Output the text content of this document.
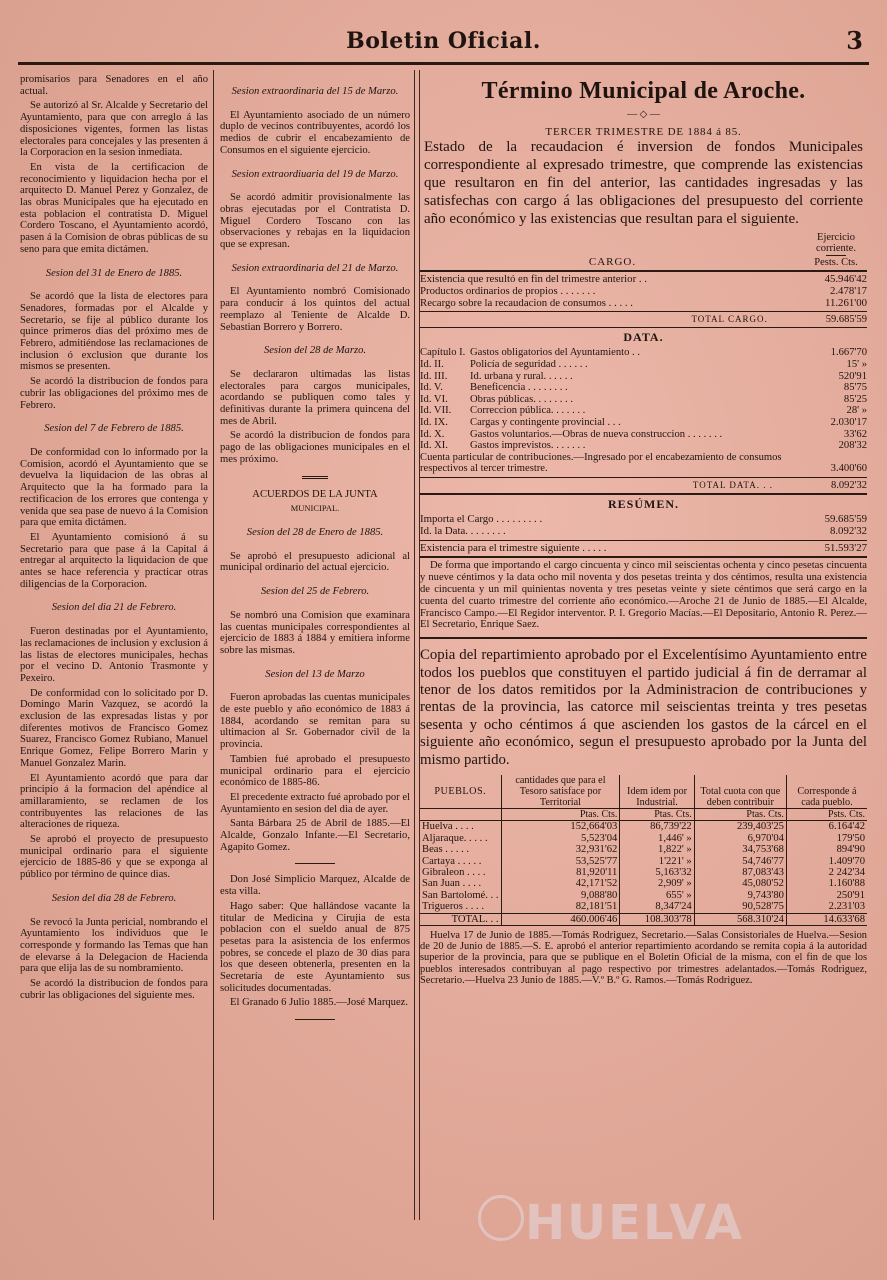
Boletin Oficial.	3

promisarios para Senadores en el año actual.

Se autorizó al Sr. Alcalde y Secretario del Ayuntamiento, para que con arreglo á las disposiciones vigentes, formen las listas electorales para concejales y las presenten á la Corporacion en la sesion inmediata.

En vista de la certificacion de reconocimiento y liquidacion hecha por el arquitecto D. Manuel Perez y Gonzalez, de las obras Municipales que ha ejecutado en esta poblacion el contratista D. Miguel Cordero Toscano, el Ayuntamiento acordó, pasen á la Comision de obras públicas de su seno para que emita dictámen.

Sesion del 31 de Enero de 1885.

Se acordó que la lista de electores para Senadores, formadas por el Alcalde y Secretario, se fije al público durante los quince primeros dias del próximo mes de Febrero, admitiéndose las reclamaciones de inclusion ó exclusion que durante los mismos se presenten.

Se acordó la distribucion de fondos para cubrir las obligaciones del próximo mes de Febrero.

Sesion del 7 de Febrero de 1885.

De conformidad con lo informado por la Comision, acordó el Ayuntamiento que se devuelva la liquidacion de las obras al Arquitecto que la ha formado para la rectificacion de los errores que contenga y venida que sea pase de nuevo á la Comision para que emita dictámen.

El Ayuntamiento comisionó á su Secretario para que pase á la Capital á entregar al arquitecto la liquidacion de que antes se hace referencia y practicar otras diligencias de la Corporacion.

Sesion del dia 21 de Febrero.

Fueron destinadas por el Ayuntamiento, las reclamaciones de inclusion y exclusion á las listas de electores municipales, hechas por el vecino D. Antonio Trasmonte y Pexeiro.

De conformidad con lo solicitado por D. Domingo Marin Vazquez, se acordó la exclusion de las expresadas listas y por diferentes motivos de Francisco Gomez Suarez, Francisco Gomez Rubiano, Manuel Enrique Gomez, Felipe Borrero Marin y Manuel Gonzalez Marin.

El Ayuntamiento acordó que para dar principio á la formacion del apéndice al amillaramiento, se reclamen de los contribuyentes las relaciones de las alteraciones de riqueza.

Se aprobó el proyecto de presupuesto municipal ordinario para el siguiente ejercicio de 1885-86 y que se exponga al público por término de quince dias.

Sesion del dia 28 de Febrero.

Se revocó la Junta pericial, nombrando el Ayuntamiento los individuos que le corresponde y formando las Temas que han de elevarse á la Delegacion de Hacienda para que elija las de su nombramiento.

Se acordó la distribucion de fondos para cubrir las obligaciones del siguiente mes.

Sesion extraordinaria del 15 de Marzo.

El Ayuntamiento asociado de un número duplo de vecinos contribuyentes, acordó los medios de cubrir el encabezamiento de Consumos en el siguiente ejercicio.

Sesion extraordiuaria del 19 de Marzo.

Se acordó admitir provisionalmente las obras ejecutadas por el Contratista D. Miguel Cordero Toscano con las observaciones y rebajas en la liquidacion que se expresan.

Sesion extraordinaria del 21 de Marzo.

El Ayuntamiento nombró Comisionado para conducir á los quintos del actual reemplazo al Teniente de Alcalde D. Sebastian Borrero y Borrero.

Sesion del 28 de Marzo.

Se declararon ultimadas las listas electorales para cargos municipales, acordando se publiquen como tales y definitivas durante la primera quincena del mes de Abril.

Se acordó la distribucion de fondos para pago de las obligaciones municipales en el mes próximo.

ACUERDOS DE LA JUNTA

MUNICIPAL.

Sesion del 28 de Enero de 1885.

Se aprobó el presupuesto adicional al municipal ordinario del actual ejercicio.

Sesion del 25 de Febrero.

Se nombró una Comision que examinara las cuentas municipales correspondientes al ejercicio de 1883 á 1884 y emitiera informe sobre las mismas.

Sesion del 13 de Marzo

Fueron aprobadas las cuentas municipales de este pueblo y año económico de 1883 á 1884, acordando se remitan para su ultimacion al Sr. Gobernador civil de la provincia.

Tambien fué aprobado el presupuesto municipal ordinario para el ejercicio económico de 1885-86.

El precedente extracto fué aprobado por el Ayuntamiento en sesion del dia de ayer.

Santa Bárbara 25 de Abril de 1885.—El Alcalde, Gonzalo Infante.—El Secretario, Agapito Gomez.

Don José Simplicio Marquez, Alcalde de esta villa.

Hago saber: Que hallándose vacante la titular de Medicina y Cirujia de esta poblacion con el sueldo anual de 875 pesetas para la asistencia de los enfermos pobres, se concede el plazo de 30 dias para los que deseen obtenerla, presenten en la Secretaría de este Ayuntamiento sus solicitudes documentadas.

El Granado 6 Julio 1885.—José Marquez.

Término Municipal de Aroche.
— ◇ —
TERCER TRIMESTRE DE 1884 á 85.
Estado de la recaudacion é inversion de fondos Municipales correspondiente al expresado trimestre, que comprende las existencias que resultaron en fin del anterior, las cantidades ingresadas y las satisfechas con cargo á las obligaciones del presupuesto del corriente año económico y las existencias que resultan para el siguiente.
CARGO.
Ejercicio corriente.
Pests. Cts.
Existencia que resultó en fin del trimestre anterior . .	45.946'42
Productos ordinarios de propios . . . . . . .	2.478'17
Recargo sobre la recaudacion de consumos . . . . .	11.261'00
TOTAL CARGO.	59.685'59
DATA.
Capítulo I. Gastos obligatorios del Ayuntamiento . .	1.667'70
Id. II.	Policía de seguridad . . . . . .	15' »
Id. III.	Id. urbana y rural. . . . . .	520'91
Id. V.	Beneficencia . . . . . . . .	85'75
Id. VI.	Obras públicas. . . . . . . .	85'25
Id. VII.	Correccion pública. . . . . . .	28' »
Id. IX.	Cargas y contingente provincial . . .	2.030'17
Id. X.	Gastos voluntarios.—Obras de nueva construccion . . . . . . .	33'62
Id. XI.	Gastos imprevistos. . . . . . .	208'32
Cuenta particular de contribuciones.—Ingresado por el encabezamiento de consumos respectivos al tercer trimestre.	3.400'60
TOTAL DATA. . .	8.092'32
RESÚMEN.
Importa el Cargo . . . . . . . . .	59.685'59
Id. la Data. . . . . . . .	8.092'32
Existencia para el trimestre siguiente . . . . .	51.593'27
De forma que importando el cargo cincuenta y cinco mil seiscientas ochenta y cinco pesetas cincuenta y nueve céntimos y la data ocho mil noventa y dos pesetas treinta y dos céntimos, resulta una existencia de cincuenta y un mil quinientas noventa y tres pesetas veinte y siete céntimos que será cargo en la cuenta del cuarto trimestre del corriente año económico.—Aroche 21 de Junio de 1885.—El Alcalde, Francisco Campo.—El Regidor interventor. P. I. Gregorio Macías.—El Depositario, Antonio R. Perez.—El Secretario, Enrique Saez.
Copia del repartimiento aprobado por el Excelentísimo Ayuntamiento entre todos los pueblos que constituyen el partido judicial á fin de derramar al tenor de los datos remitidos por la Administracion de contribuciones y rentas de la provincia, las catorce mil seiscientas treinta y tres pesetas sesenta y ocho céntimos á que ascienden los gastos de la cárcel en el siguiente año económico, segun el presupuesto aprobado por la Junta del mismo partido.
PUEBLOS.	cantidades que para el Tesoro satisface por Territorial	Idem idem por Industrial.	Total cuota con que deben contribuir	Corresponde á cada pueblo.
	Ptas. Cts.	Ptas. Cts.	Ptas. Cts.	Psts. Cts.
Huelva . . . .	152,664'03	86,739'22	239,403'25	6.164'42
Aljaraque. . . . .	5,523'04	1,446' »	6,970'04	179'50
Beas . . . . .	32,931'62	1,822' »	34,753'68	894'90
Cartaya . . . . .	53,525'77	1'221' »	54,746'77	1.409'70
Gibraleon . . . .	81,920'11	5,163'32	87,083'43	2 242'34
San Juan . . . .	42,171'52	2,909' »	45,080'52	1.160'88
San Bartolomé. . .	9,088'80	655' »	9,743'80	250'91
Trigueros . . . .	82,181'51	8,347'24	90,528'75	2.231'03
TOTAL. . .	460.006'46	108.303'78	568.310'24	14.633'68
Huelva 17 de Junio de 1885.—Tomás Rodriguez, Secretario.—Salas Consistoriales de Huelva.—Sesion de 20 de Junio de 1885.—S. E. aprobó el anterior repartimiento acordando se remita copia á la autoridad superior de la provincia, para que se publique en el Boletin Oficial de la misma, con el fin de que los pueblos interesados contribuyan al pago respectivo por trimestres adelantados.—Tomás Rodriguez, Secretario.—Huelva 23 Junio de 1885.—V.º B.º G. Ramos.—Tomás Rodriguez.
HUELVA
